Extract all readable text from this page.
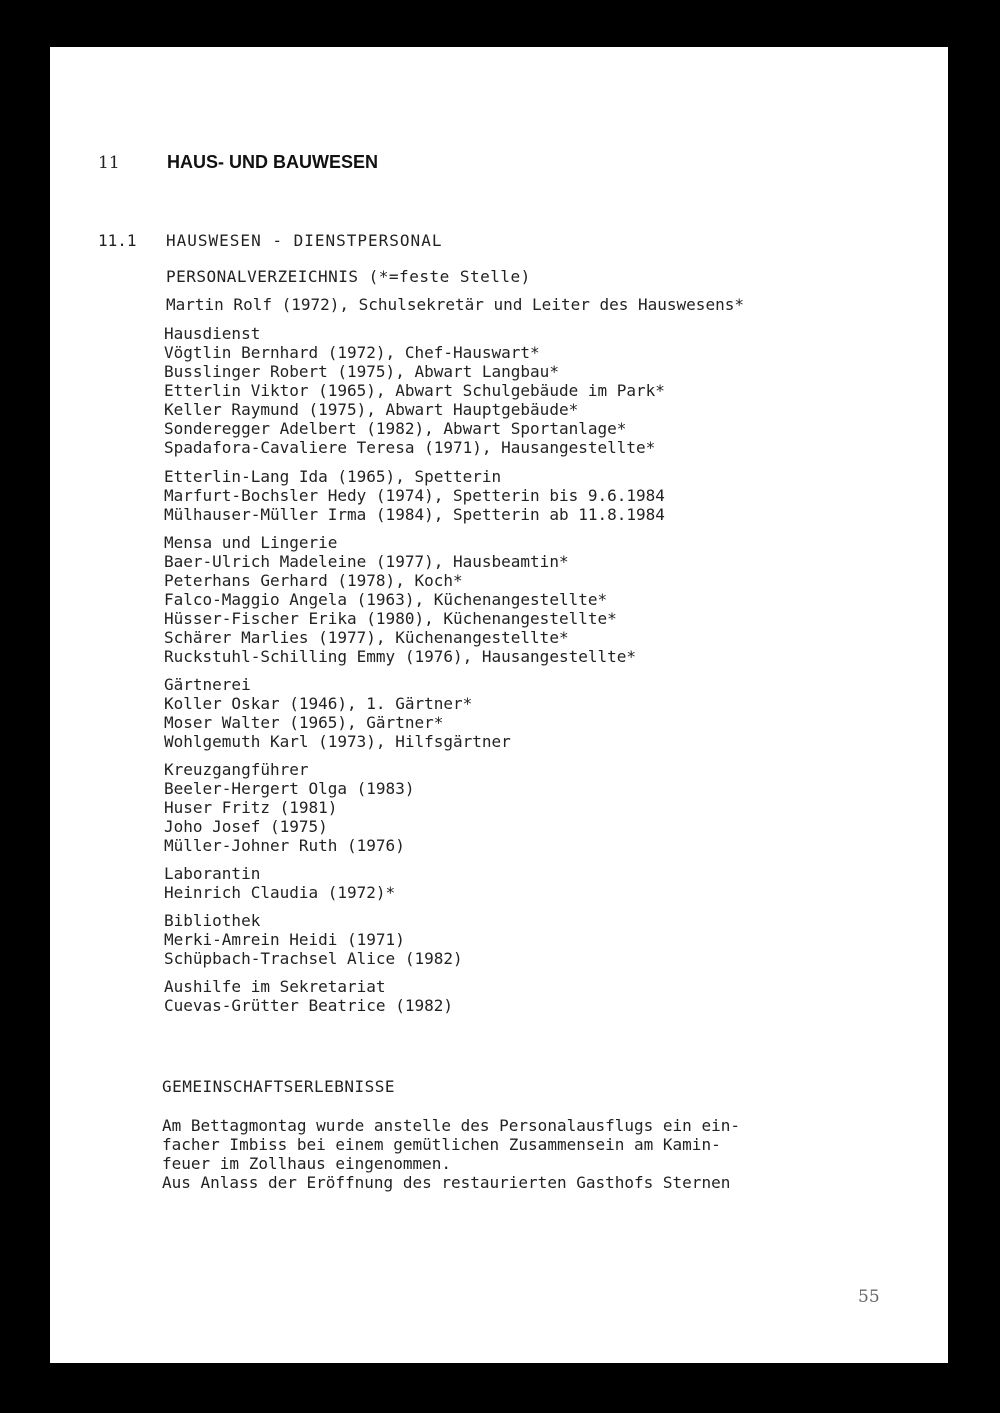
11	HAUS- UND BAUWESEN
11.1 HAUSWESEN - DIENSTPERSONAL
PERSONALVERZEICHNIS (*=feste Stelle)
Martin Rolf (1972), Schulsekretär und Leiter des Hauswesens*
Hausdienst
Vögtlin Bernhard (1972), Chef-Hauswart*
Busslinger Robert (1975), Abwart Langbau*
Etterlin Viktor (1965), Abwart Schulgebäude im Park*
Keller Raymund (1975), Abwart Hauptgebäude*
Sonderegger Adelbert (1982), Abwart Sportanlage*
Spadafora-Cavaliere Teresa (1971), Hausangestellte*
Etterlin-Lang Ida (1965), Spetterin
Marfurt-Bochsler Hedy (1974), Spetterin bis 9.6.1984
Mülhauser-Müller Irma (1984), Spetterin ab 11.8.1984
Mensa und Lingerie
Baer-Ulrich Madeleine (1977), Hausbeamtin*
Peterhans Gerhard (1978), Koch*
Falco-Maggio Angela (1963), Küchenangestellte*
Hüsser-Fischer Erika (1980), Küchenangestellte*
Schärer Marlies (1977), Küchenangestellte*
Ruckstuhl-Schilling Emmy (1976), Hausangestellte*
Gärtnerei
Koller Oskar (1946), 1. Gärtner*
Moser Walter (1965), Gärtner*
Wohlgemuth Karl (1973), Hilfsgärtner
Kreuzgangführer
Beeler-Hergert Olga (1983)
Huser Fritz (1981)
Joho Josef (1975)
Müller-Johner Ruth (1976)
Laborantin
Heinrich Claudia (1972)*
Bibliothek
Merki-Amrein Heidi (1971)
Schüpbach-Trachsel Alice (1982)
Aushilfe im Sekretariat
Cuevas-Grütter Beatrice (1982)
GEMEINSCHAFTSERLEBNISSE
Am Bettagmontag wurde anstelle des Personalausflugs ein ein-
facher Imbiss bei einem gemütlichen Zusammensein am Kamin-
feuer im Zollhaus eingenommen.
Aus Anlass der Eröffnung des restaurierten Gasthofs Sternen
55
